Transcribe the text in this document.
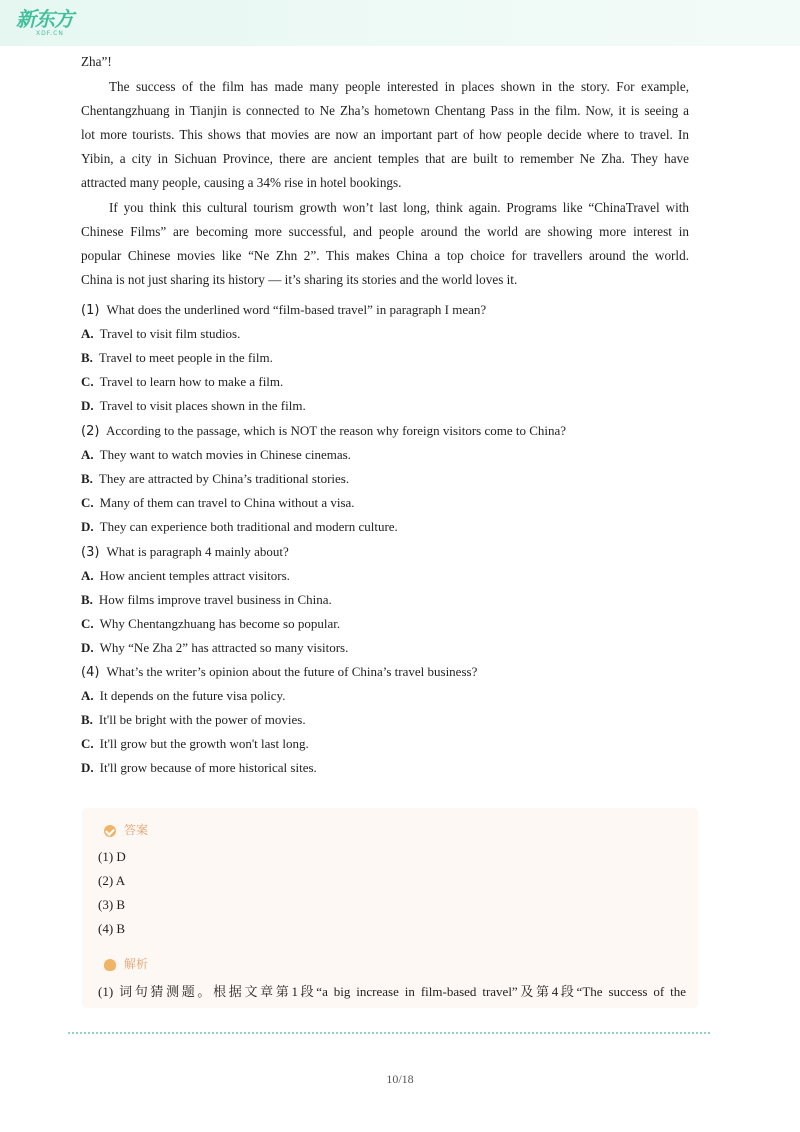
新东方
XDF.CN
Zha”!
The success of the film has made many people interested in places shown in the story. For example,
Chentangzhuang in Tianjin is connected to Ne Zha’s hometown Chentang Pass in the film. Now, it is seeing a
lot more tourists. This shows that movies are now an important part of how people decide where to travel. In
Yibin, a city in Sichuan Province, there are ancient temples that are built to remember Ne Zha. They have
attracted many people, causing a 34% rise in hotel bookings.
If you think this cultural tourism growth won’t last long, think again. Programs like “ChinaTravel with
Chinese Films” are becoming more successful, and people around the world are showing more interest in
popular Chinese movies like “Ne Zhn 2”. This makes China a top choice for travellers around the world.
China is not just sharing its history — it’s sharing its stories and the world loves it.
(1) What does the underlined word “film-based travel” in paragraph I mean?
A. Travel to visit film studios.
B. Travel to meet people in the film.
C. Travel to learn how to make a film.
D. Travel to visit places shown in the film.
(2) According to the passage, which is NOT the reason why foreign visitors come to China?
A. They want to watch movies in Chinese cinemas.
B. They are attracted by China’s traditional stories.
C. Many of them can travel to China without a visa.
D. They can experience both traditional and modern culture.
(3) What is paragraph 4 mainly about?
A. How ancient temples attract visitors.
B. How films improve travel business in China.
C. Why Chentangzhuang has become so popular.
D. Why “Ne Zha 2” has attracted so many visitors.
(4) What’s the writer’s opinion about the future of China’s travel business?
A. It depends on the future visa policy.
B. It'll be bright with the power of movies.
C. It'll grow but the growth won't last long.
D. It'll grow because of more historical sites.
答案
(1) D
(2) A
(3) B
(4) B
解析
(1) 词句猜测题。根据文章第1段“a big increase in film-based travel”及第4段“The success of the
10/18
